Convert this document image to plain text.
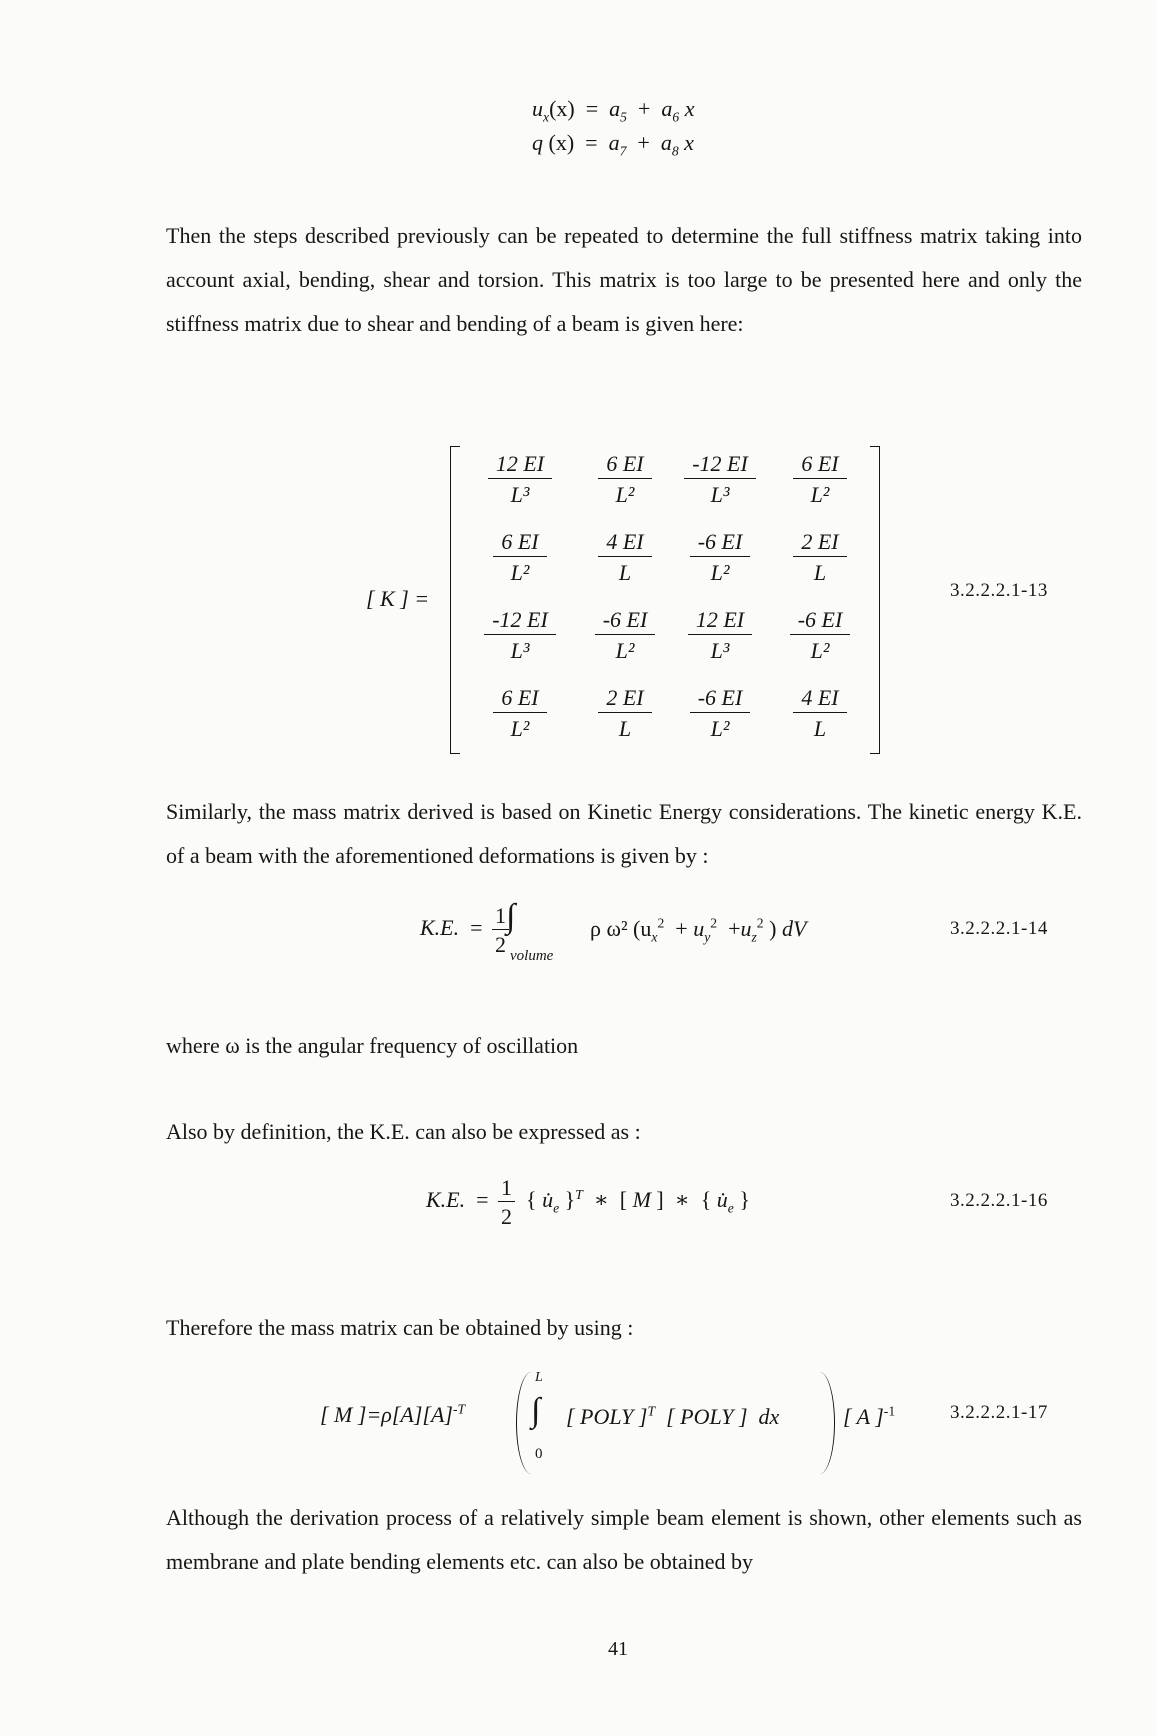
$u_x(x) = a_5 + a_6$ x
q $(x) = a_7 + a_8$ x
Then the steps described previously can be repeated to determine the full stiffness matrix taking into account axial, bending, shear and torsion. This matrix is too large to be presented here and only the stiffness matrix due to shear and bending of a beam is given here:
[ K ] =
$\frac{12 EI}{\text{L³}} \frac{6 EI}{\text{L²}} \frac{-12 EI}{\text{L³}} \frac{6 EI}{\text{L²}}$
$\frac{6 EI}{\text{L²}} \frac{4 EI}{L} \frac{-6 EI}{\text{L²}} \frac{2 EI}{L}$
$\frac{-12 EI}{\text{L³}} \frac{-6 EI}{\text{L²}} \frac{12 EI}{\text{L³}} \frac{-6 EI}{\text{L²}}$
$\frac{6 EI}{\text{L²}} \frac{2 EI}{L} \frac{-6 EI}{\text{L²}} \frac{4 EI}{L}$
3.2.2.2.1-13
Similarly, the mass matrix derived is based on Kinetic Energy considerations. The kinetic energy K.E. of a beam with the aforementioned deformations is given by :
K.E. = $\frac{1}{2}$
∫
volume
ρ ω² ($u_x^2 + u_y^2 +u_z^2$ ) dV	3.2.2.2.1-14
where ω is the angular frequency of oscillation
Also by definition, the K.E. can also be expressed as :
K.E. = $\frac{1}{2}$ { $u̇_e$ }$^T$  ∗  [ M ]  ∗  { $u̇_e$ }	3.2.2.2.1-16
Therefore the mass matrix can be obtained by using :
[ M ]$=\rho[A][A]^{-T}$
L
∫
0
[ POLY ]$^T$ [ POLY ] dx	[ A ]$^{-1}$	3.2.2.2.1-17
Although the derivation process of a relatively simple beam element is shown, other elements such as membrane and plate bending elements etc. can also be obtained by
41
